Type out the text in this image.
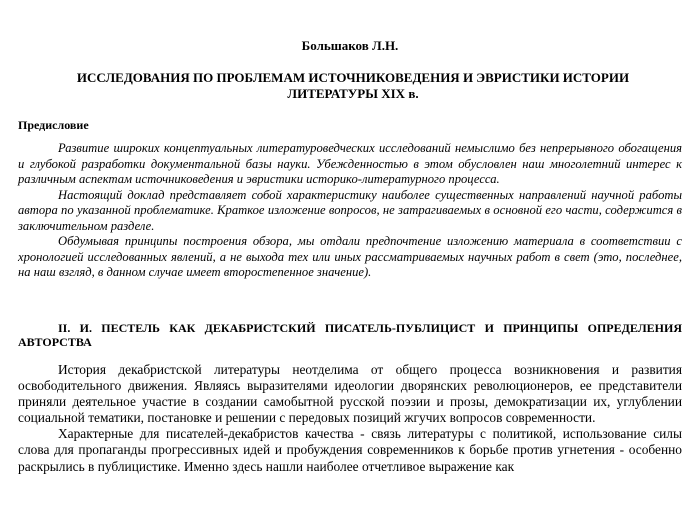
Большаков Л.Н.
ИССЛЕДОВАНИЯ ПО ПРОБЛЕМАМ ИСТОЧНИКОВЕДЕНИЯ И ЭВРИСТИКИ ИСТОРИИ ЛИТЕРАТУРЫ XIX в.
Предисловие

Развитие широких концептуальных литературоведческих исследований немыслимо без непрерывного обогащения и глубокой разработки документальной базы науки. Убежденностью в этом обусловлен наш многолетний интерес к различным аспектам источниковедения и эвристики историко-литературного процесса.

Настоящий доклад представляет собой характеристику наиболее существенных направлений научной работы автора по указанной проблематике. Краткое изложение вопросов, не затрагиваемых в основной его части, содержится в заключительном разделе.

Обдумывая принципы построения обзора, мы отдали предпочтение изложению материала в соответствии с хронологией исследованных явлений, а не выхода тех или иных рассматриваемых научных работ в свет (это, последнее, на наш взгляд, в данном случае имеет второстепенное значение).

II. И. ПЕСТЕЛЬ КАК ДЕКАБРИСТСКИЙ ПИСАТЕЛЬ-ПУБЛИЦИСТ И ПРИНЦИПЫ ОПРЕДЕЛЕНИЯ АВТОРСТВА

История декабристской литературы неотделима от общего процесса возникновения и развития освободительного движения. Являясь выразителями идеологии дворянских революционеров, ее представители приняли деятельное участие в создании самобытной русской поэзии и прозы, демократизации их, углублении социальной тематики, постановке и решении с передовых позиций жгучих вопросов современности.

Характерные для писателей-декабристов качества - связь литературы с политикой, использование силы слова для пропаганды прогрессивных идей и пробуждения современников к борьбе против угнетения - особенно раскрылись в публицистике. Именно здесь нашли наиболее отчетливое выражение как
